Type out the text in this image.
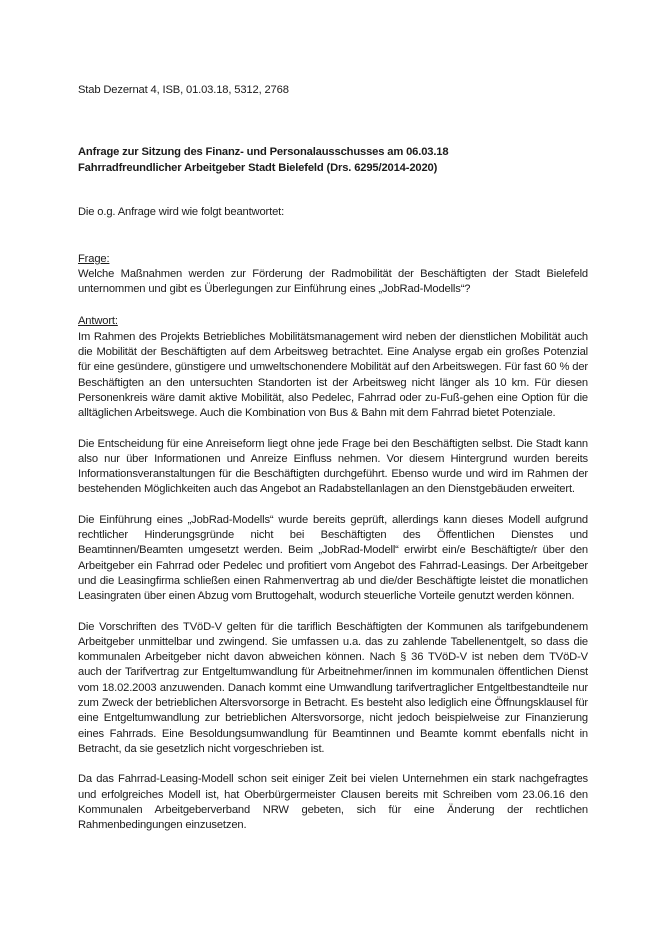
Stab Dezernat 4, ISB, 01.03.18, 5312, 2768
Anfrage zur Sitzung des Finanz- und Personalausschusses am 06.03.18
Fahrradfreundlicher Arbeitgeber Stadt Bielefeld (Drs. 6295/2014-2020)

Die o.g. Anfrage wird wie folgt beantwortet:

Frage:

Welche Maßnahmen werden zur Förderung der Radmobilität der Beschäftigten der Stadt Bielefeld unternommen und gibt es Überlegungen zur Einführung eines „JobRad-Modells“?

Antwort:

Im Rahmen des Projekts Betriebliches Mobilitätsmanagement wird neben der dienstlichen Mobilität auch die Mobilität der Beschäftigten auf dem Arbeitsweg betrachtet. Eine Analyse ergab ein großes Potenzial für eine gesündere, günstigere und umweltschonendere Mobilität auf den Arbeitswegen. Für fast 60 % der Beschäftigten an den untersuchten Standorten ist der Arbeitsweg nicht länger als 10 km. Für diesen Personenkreis wäre damit aktive Mobilität, also Pedelec, Fahrrad oder zu-Fuß-gehen eine Option für die alltäglichen Arbeitswege. Auch die Kombination von Bus & Bahn mit dem Fahrrad bietet Potenziale.

Die Entscheidung für eine Anreiseform liegt ohne jede Frage bei den Beschäftigten selbst. Die Stadt kann also nur über Informationen und Anreize Einfluss nehmen. Vor diesem Hintergrund wurden bereits Informationsveranstaltungen für die Beschäftigten durchgeführt. Ebenso wurde und wird im Rahmen der bestehenden Möglichkeiten auch das Angebot an Radabstellanlagen an den Dienstgebäuden erweitert.

Die Einführung eines „JobRad-Modells“ wurde bereits geprüft, allerdings kann dieses Modell aufgrund rechtlicher Hinderungsgründe nicht bei Beschäftigten des Öffentlichen Dienstes und Beamtinnen/Beamten umgesetzt werden. Beim „JobRad-Modell“ erwirbt ein/e Beschäftigte/r über den Arbeitgeber ein Fahrrad oder Pedelec und profitiert vom Angebot des Fahrrad-Leasings. Der Arbeitgeber und die Leasingfirma schließen einen Rahmenvertrag ab und die/der Beschäftigte leistet die monatlichen Leasingraten über einen Abzug vom Bruttogehalt, wodurch steuerliche Vorteile genutzt werden können.

Die Vorschriften des TVöD-V gelten für die tariflich Beschäftigten der Kommunen als tarifgebundenem Arbeitgeber unmittelbar und zwingend. Sie umfassen u.a. das zu zahlende Tabellenentgelt, so dass die kommunalen Arbeitgeber nicht davon abweichen können. Nach § 36 TVöD-V ist neben dem TVöD-V auch der Tarifvertrag zur Entgeltumwandlung für Arbeitnehmer/innen im kommunalen öffentlichen Dienst vom 18.02.2003 anzuwenden. Danach kommt eine Umwandlung tarifvertraglicher Entgeltbestandteile nur zum Zweck der betrieblichen Altersvorsorge in Betracht. Es besteht also lediglich eine Öffnungsklausel für eine Entgeltumwandlung zur betrieblichen Altersvorsorge, nicht jedoch beispielweise zur Finanzierung eines Fahrrads. Eine Besoldungsumwandlung für Beamtinnen und Beamte kommt ebenfalls nicht in Betracht, da sie gesetzlich nicht vorgeschrieben ist.

Da das Fahrrad-Leasing-Modell schon seit einiger Zeit bei vielen Unternehmen ein stark nachgefragtes und erfolgreiches Modell ist, hat Oberbürgermeister Clausen bereits mit Schreiben vom 23.06.16 den Kommunalen Arbeitgeberverband NRW gebeten, sich für eine Änderung der rechtlichen Rahmenbedingungen einzusetzen.
